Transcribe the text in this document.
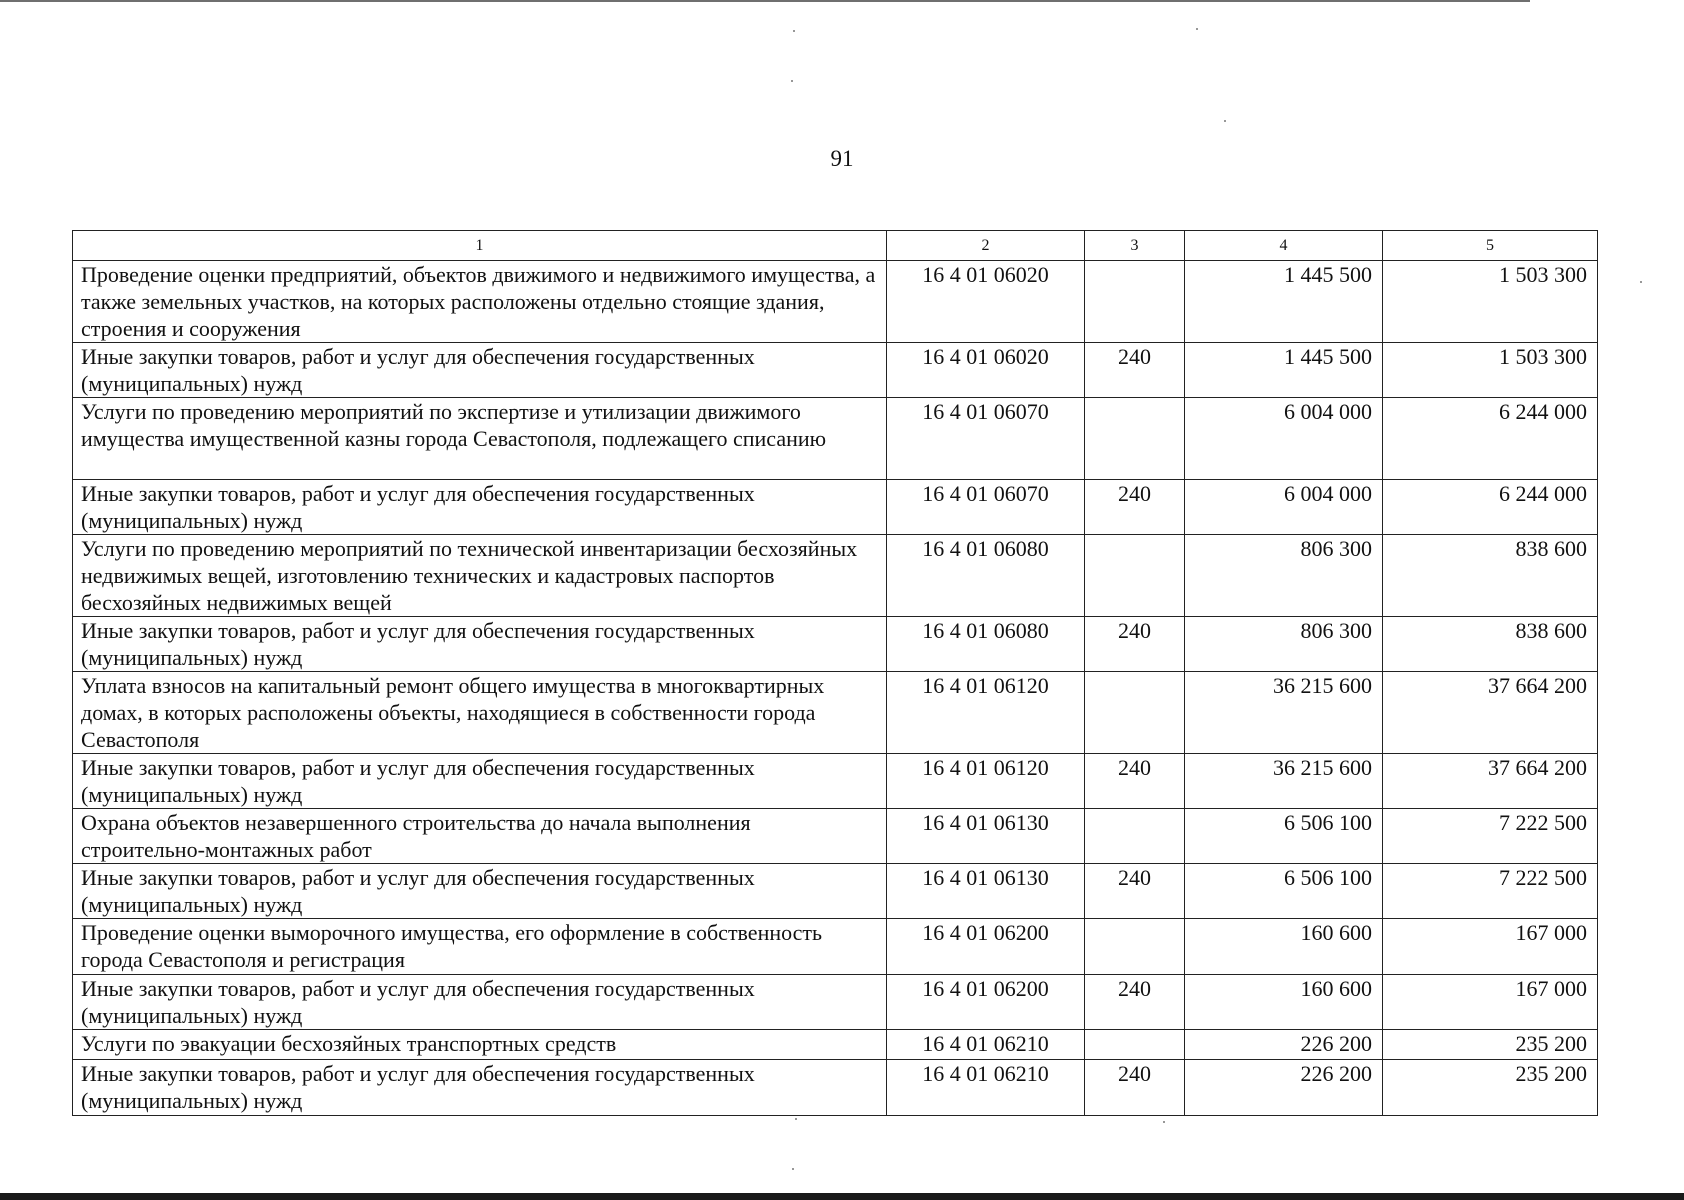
91
1	2	3	4	5
Проведение оценки предприятий, объектов движимого и недвижимого имущества, а также земельных участков, на которых расположены отдельно стоящие здания, строения и сооружения	16 4 01 06020		1 445 500	1 503 300
Иные закупки товаров, работ и услуг для обеспечения государственных (муниципальных) нужд	16 4 01 06020	240	1 445 500	1 503 300
Услуги по проведению мероприятий по экспертизе и утилизации движимого имущества имущественной казны города Севастополя, подлежащего списанию	16 4 01 06070		6 004 000	6 244 000
Иные закупки товаров, работ и услуг для обеспечения государственных (муниципальных) нужд	16 4 01 06070	240	6 004 000	6 244 000
Услуги по проведению мероприятий по технической инвентаризации бесхозяйных недвижимых вещей, изготовлению технических и кадастровых паспортов бесхозяйных недвижимых вещей	16 4 01 06080		806 300	838 600
Иные закупки товаров, работ и услуг для обеспечения государственных (муниципальных) нужд	16 4 01 06080	240	806 300	838 600
Уплата взносов на капитальный ремонт общего имущества в многоквартирных домах, в которых расположены объекты, находящиеся в собственности города Севастополя	16 4 01 06120		36 215 600	37 664 200
Иные закупки товаров, работ и услуг для обеспечения государственных (муниципальных) нужд	16 4 01 06120	240	36 215 600	37 664 200
Охрана объектов незавершенного строительства до начала выполнения строительно-монтажных работ	16 4 01 06130		6 506 100	7 222 500
Иные закупки товаров, работ и услуг для обеспечения государственных (муниципальных) нужд	16 4 01 06130	240	6 506 100	7 222 500
Проведение оценки выморочного имущества, его оформление в собственность города Севастополя и регистрация	16 4 01 06200		160 600	167 000
Иные закупки товаров, работ и услуг для обеспечения государственных (муниципальных) нужд	16 4 01 06200	240	160 600	167 000
Услуги по эвакуации бесхозяйных транспортных средств	16 4 01 06210		226 200	235 200
Иные закупки товаров, работ и услуг для обеспечения государственных (муниципальных) нужд	16 4 01 06210	240	226 200	235 200
